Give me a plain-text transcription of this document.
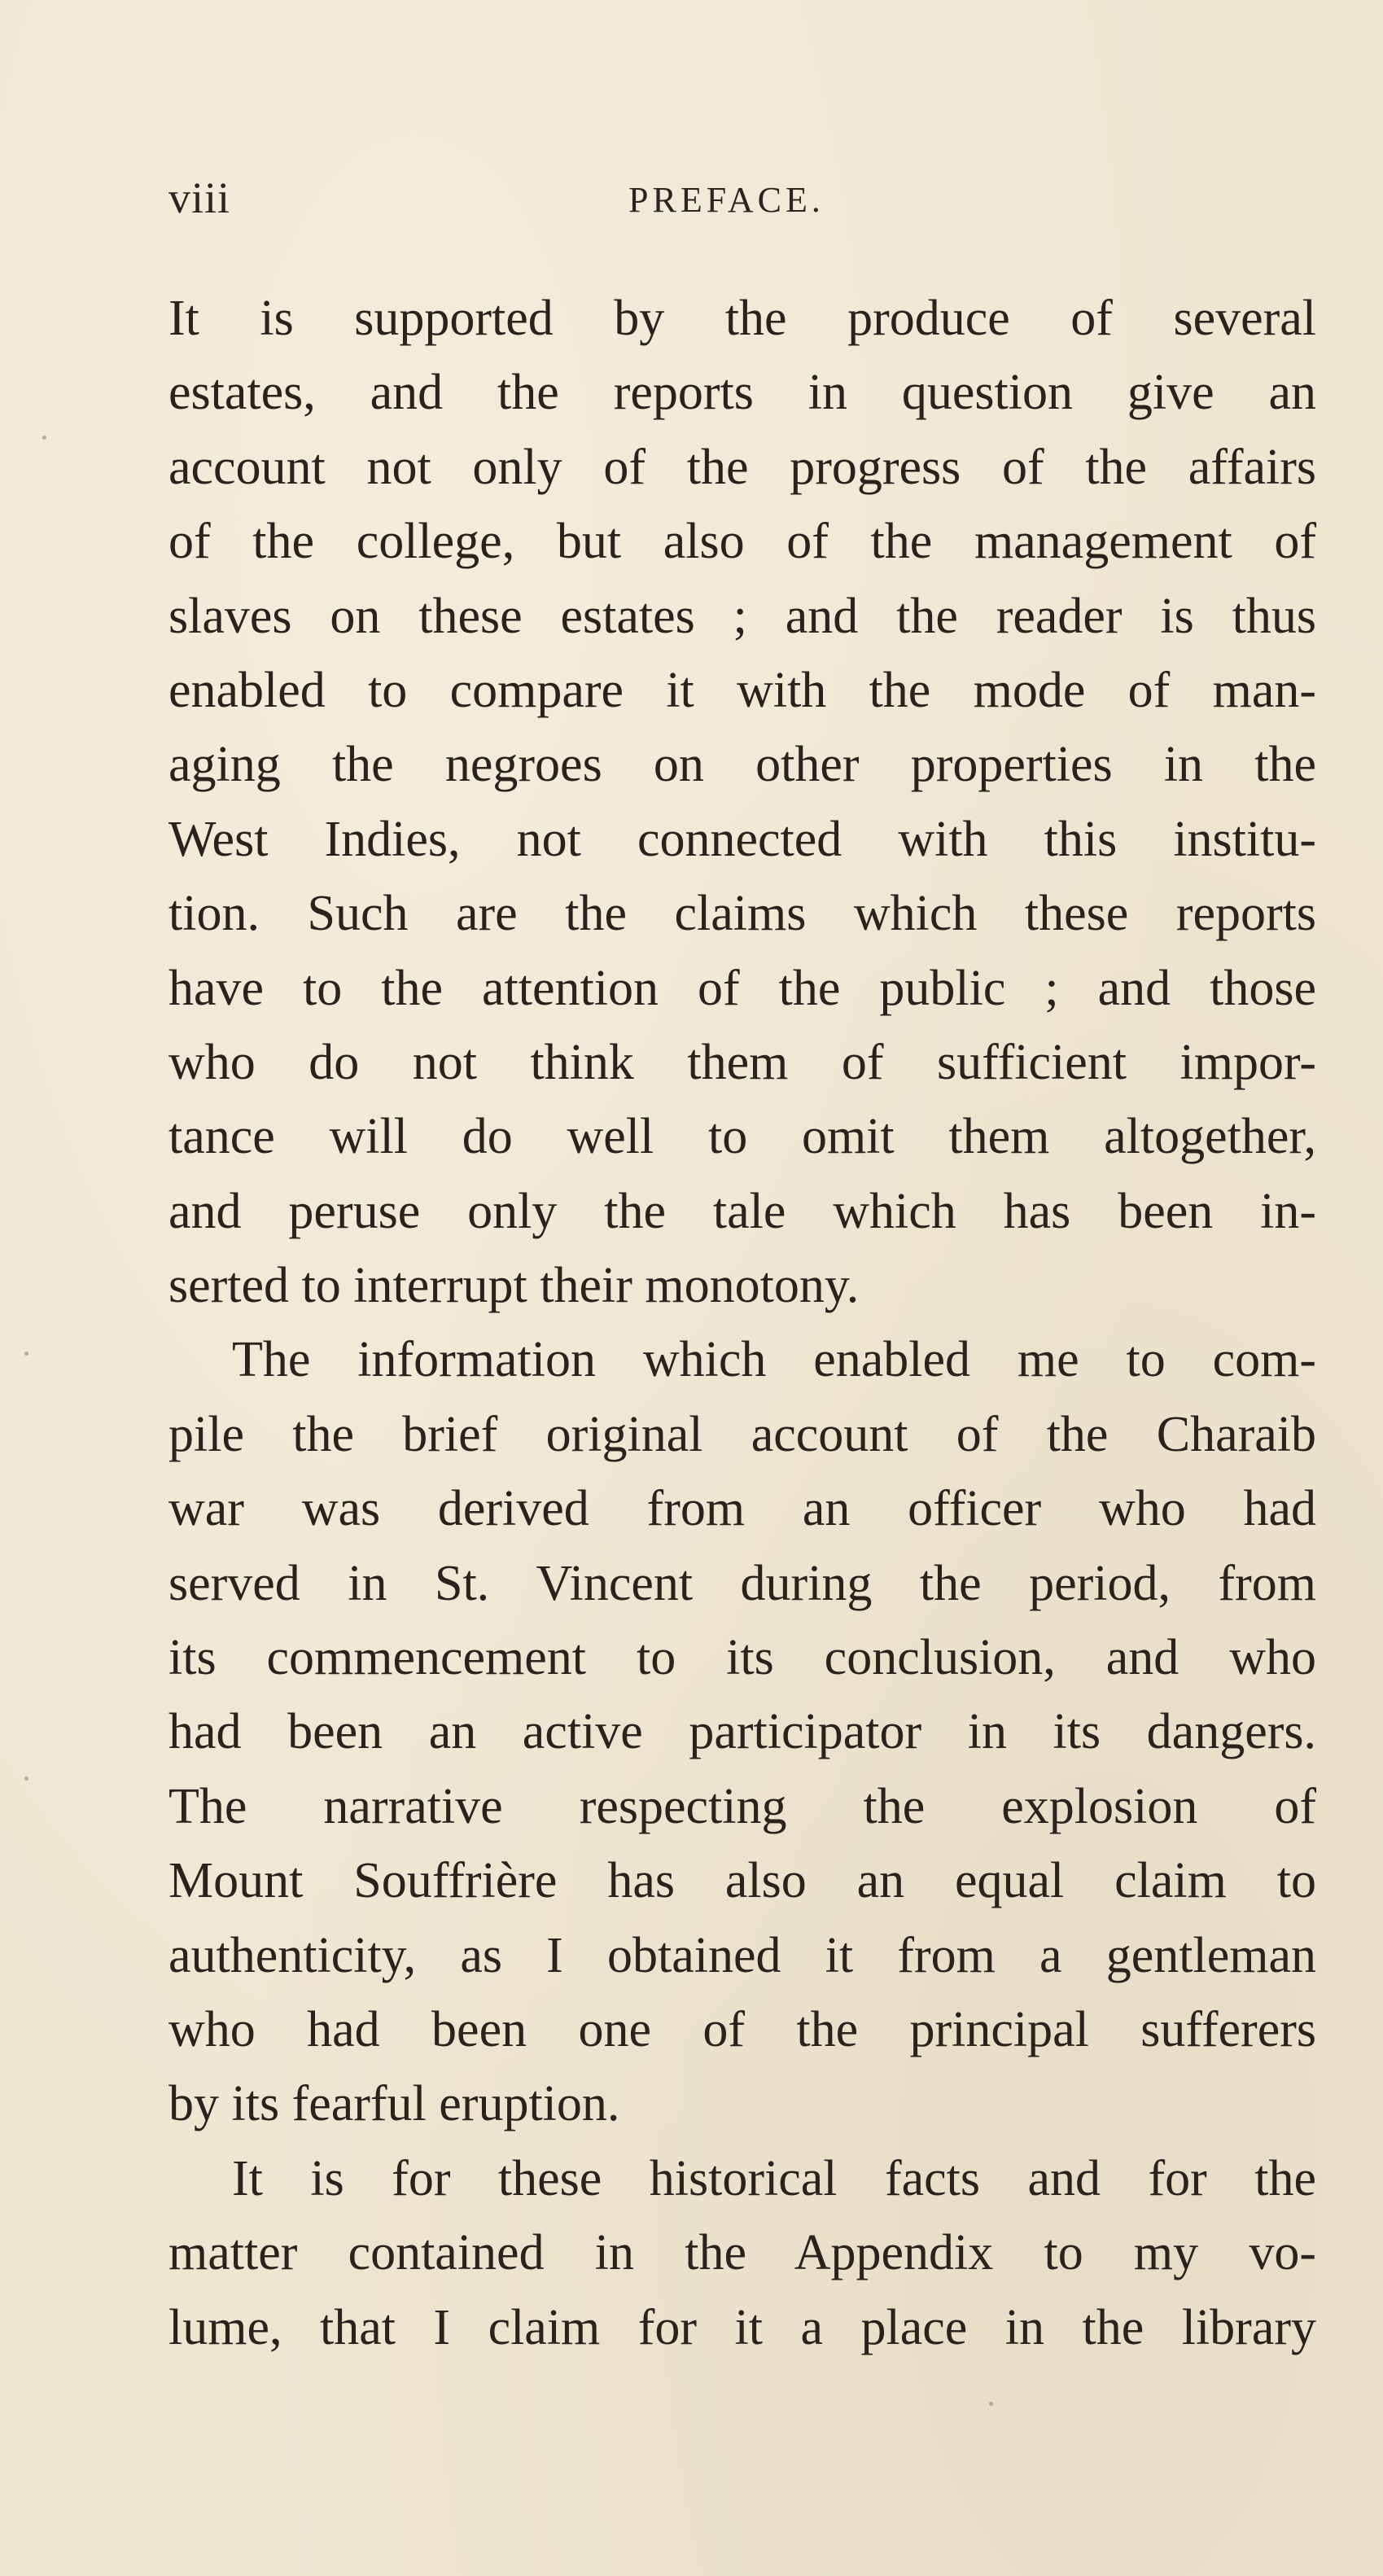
viii	PREFACE.
It is supported by the produce of several
estates, and the reports in question give an
account not only of the progress of the affairs
of the college, but also of the management of
slaves on these estates ; and the reader is thus
enabled to compare it with the mode of man-
aging the negroes on other properties in the
West Indies, not connected with this institu-
tion. Such are the claims which these reports
have to the attention of the public ; and those
who do not think them of sufficient impor-
tance will do well to omit them altogether,
and peruse only the tale which has been in-
serted to interrupt their monotony.
The information which enabled me to com-
pile the brief original account of the Charaib
war was derived from an officer who had
served in St. Vincent during the period, from
its commencement to its conclusion, and who
had been an active participator in its dangers.
The narrative respecting the explosion of
Mount Souffrière has also an equal claim to
authenticity, as I obtained it from a gentleman
who had been one of the principal sufferers
by its fearful eruption.
It is for these historical facts and for the
matter contained in the Appendix to my vo-
lume, that I claim for it a place in the library
